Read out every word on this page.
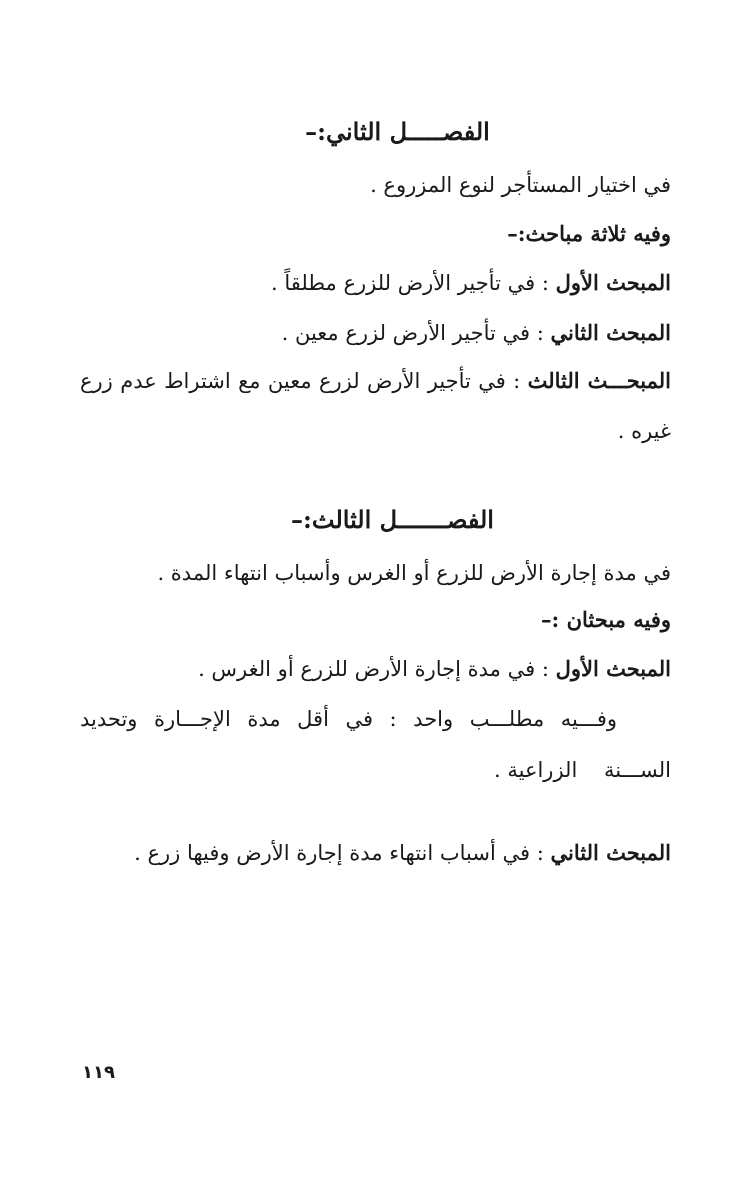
الفصـــــل الثاني:–
في اختيار المستأجر لنوع المزروع .
وفيه ثلاثة مباحث:–
المبحث الأول : في تأجير الأرض للزرع مطلقاً .
المبحث الثاني : في تأجير الأرض لزرع معين .
المبحـــث الثالث : في تأجير الأرض لزرع معين مع اشتراط عدم زرع
غيره .
الفصـــــــل الثالث:–
في مدة إجارة الأرض للزرع أو الغرس وأسباب انتهاء المدة .
وفيه مبحثان :–
المبحث الأول : في مدة إجارة الأرض للزرع أو الغرس .
وفـــيه مطلـــب واحد : في أقل مدة الإجـــارة وتحديد
الســـنة    الزراعية .
المبحث الثاني : في أسباب انتهاء مدة إجارة الأرض وفيها زرع .
١١٩
